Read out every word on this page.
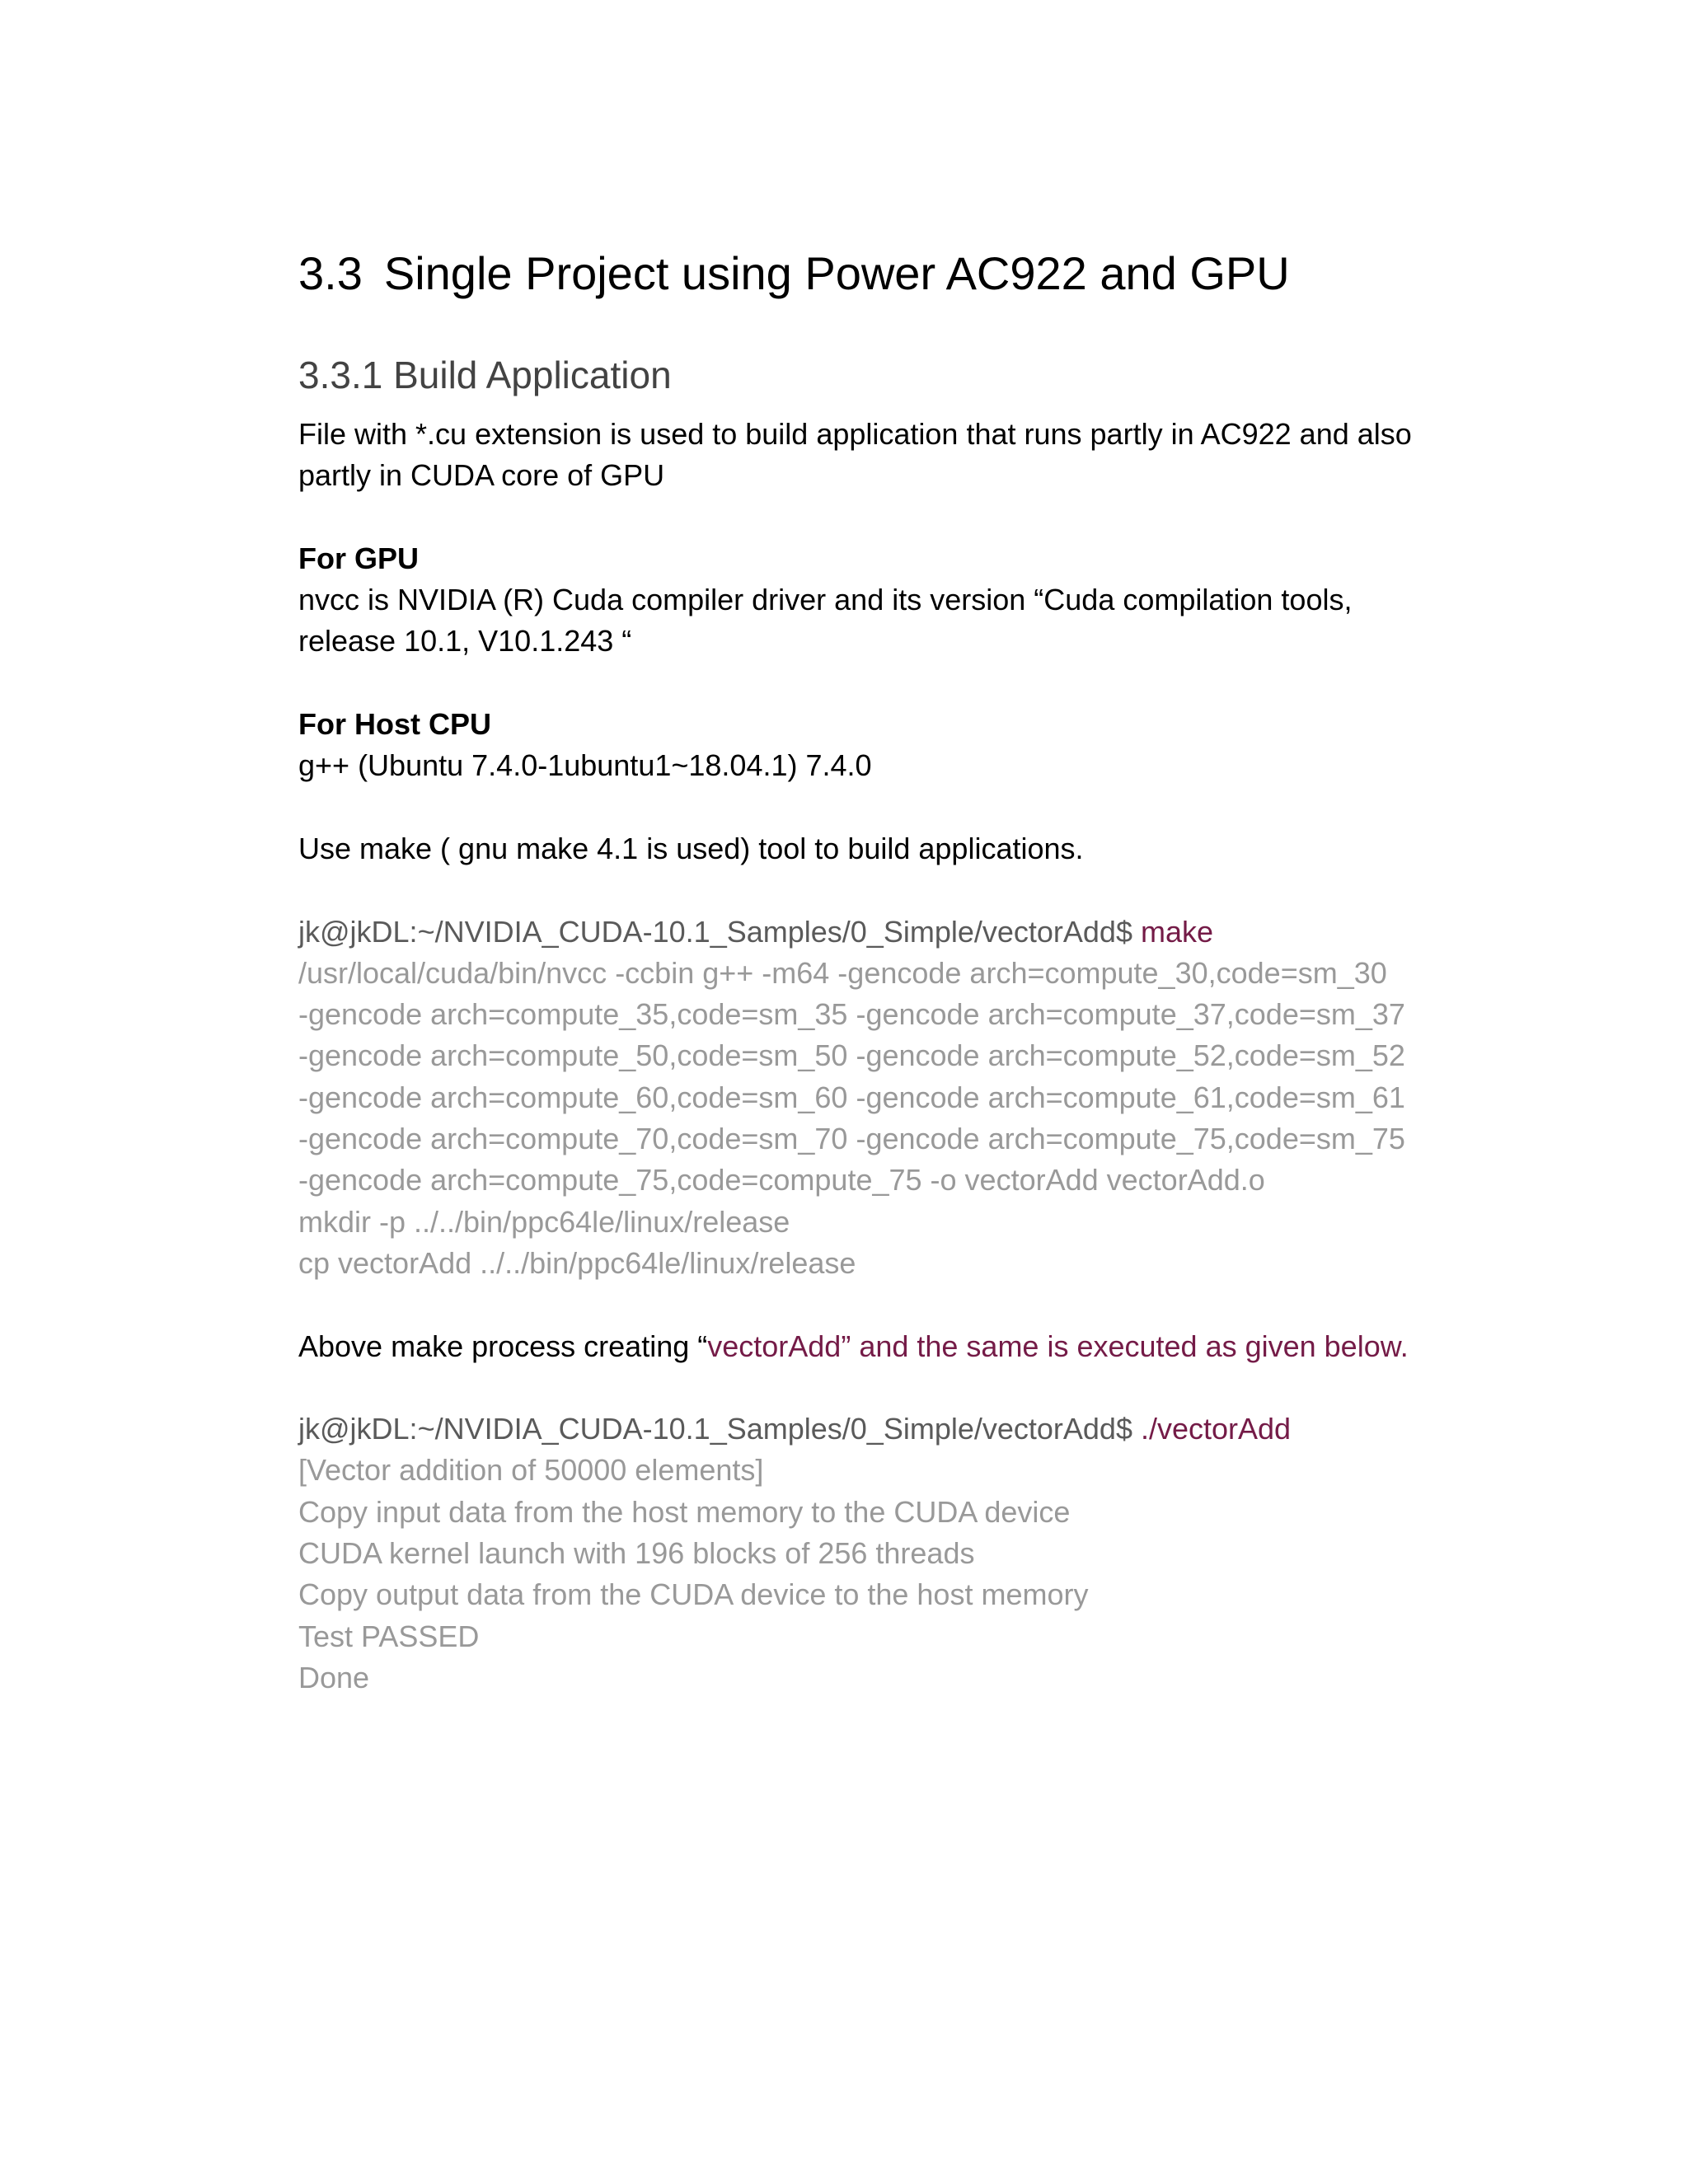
3.3 Single Project using Power AC922 and GPU
3.3.1 Build Application

File with *.cu extension is used to build application that runs partly in AC922 and also

partly in CUDA core of GPU

For GPU

nvcc is NVIDIA (R) Cuda compiler driver and its version “Cuda compilation tools,

release 10.1, V10.1.243 “

For Host CPU

g++ (Ubuntu 7.4.0-1ubuntu1~18.04.1) 7.4.0

Use make ( gnu make 4.1 is used) tool to build applications.

jk@jkDL:~/NVIDIA_CUDA-10.1_Samples/0_Simple/vectorAdd$ make

/usr/local/cuda/bin/nvcc -ccbin g++ -m64 -gencode arch=compute_30,code=sm_30

-gencode arch=compute_35,code=sm_35 -gencode arch=compute_37,code=sm_37

-gencode arch=compute_50,code=sm_50 -gencode arch=compute_52,code=sm_52

-gencode arch=compute_60,code=sm_60 -gencode arch=compute_61,code=sm_61

-gencode arch=compute_70,code=sm_70 -gencode arch=compute_75,code=sm_75

-gencode arch=compute_75,code=compute_75 -o vectorAdd vectorAdd.o

mkdir -p ../../bin/ppc64le/linux/release

cp vectorAdd ../../bin/ppc64le/linux/release

Above make process creating “vectorAdd” and the same is executed as given below.

jk@jkDL:~/NVIDIA_CUDA-10.1_Samples/0_Simple/vectorAdd$ ./vectorAdd

[Vector addition of 50000 elements]

Copy input data from the host memory to the CUDA device

CUDA kernel launch with 196 blocks of 256 threads

Copy output data from the CUDA device to the host memory

Test PASSED

Done
